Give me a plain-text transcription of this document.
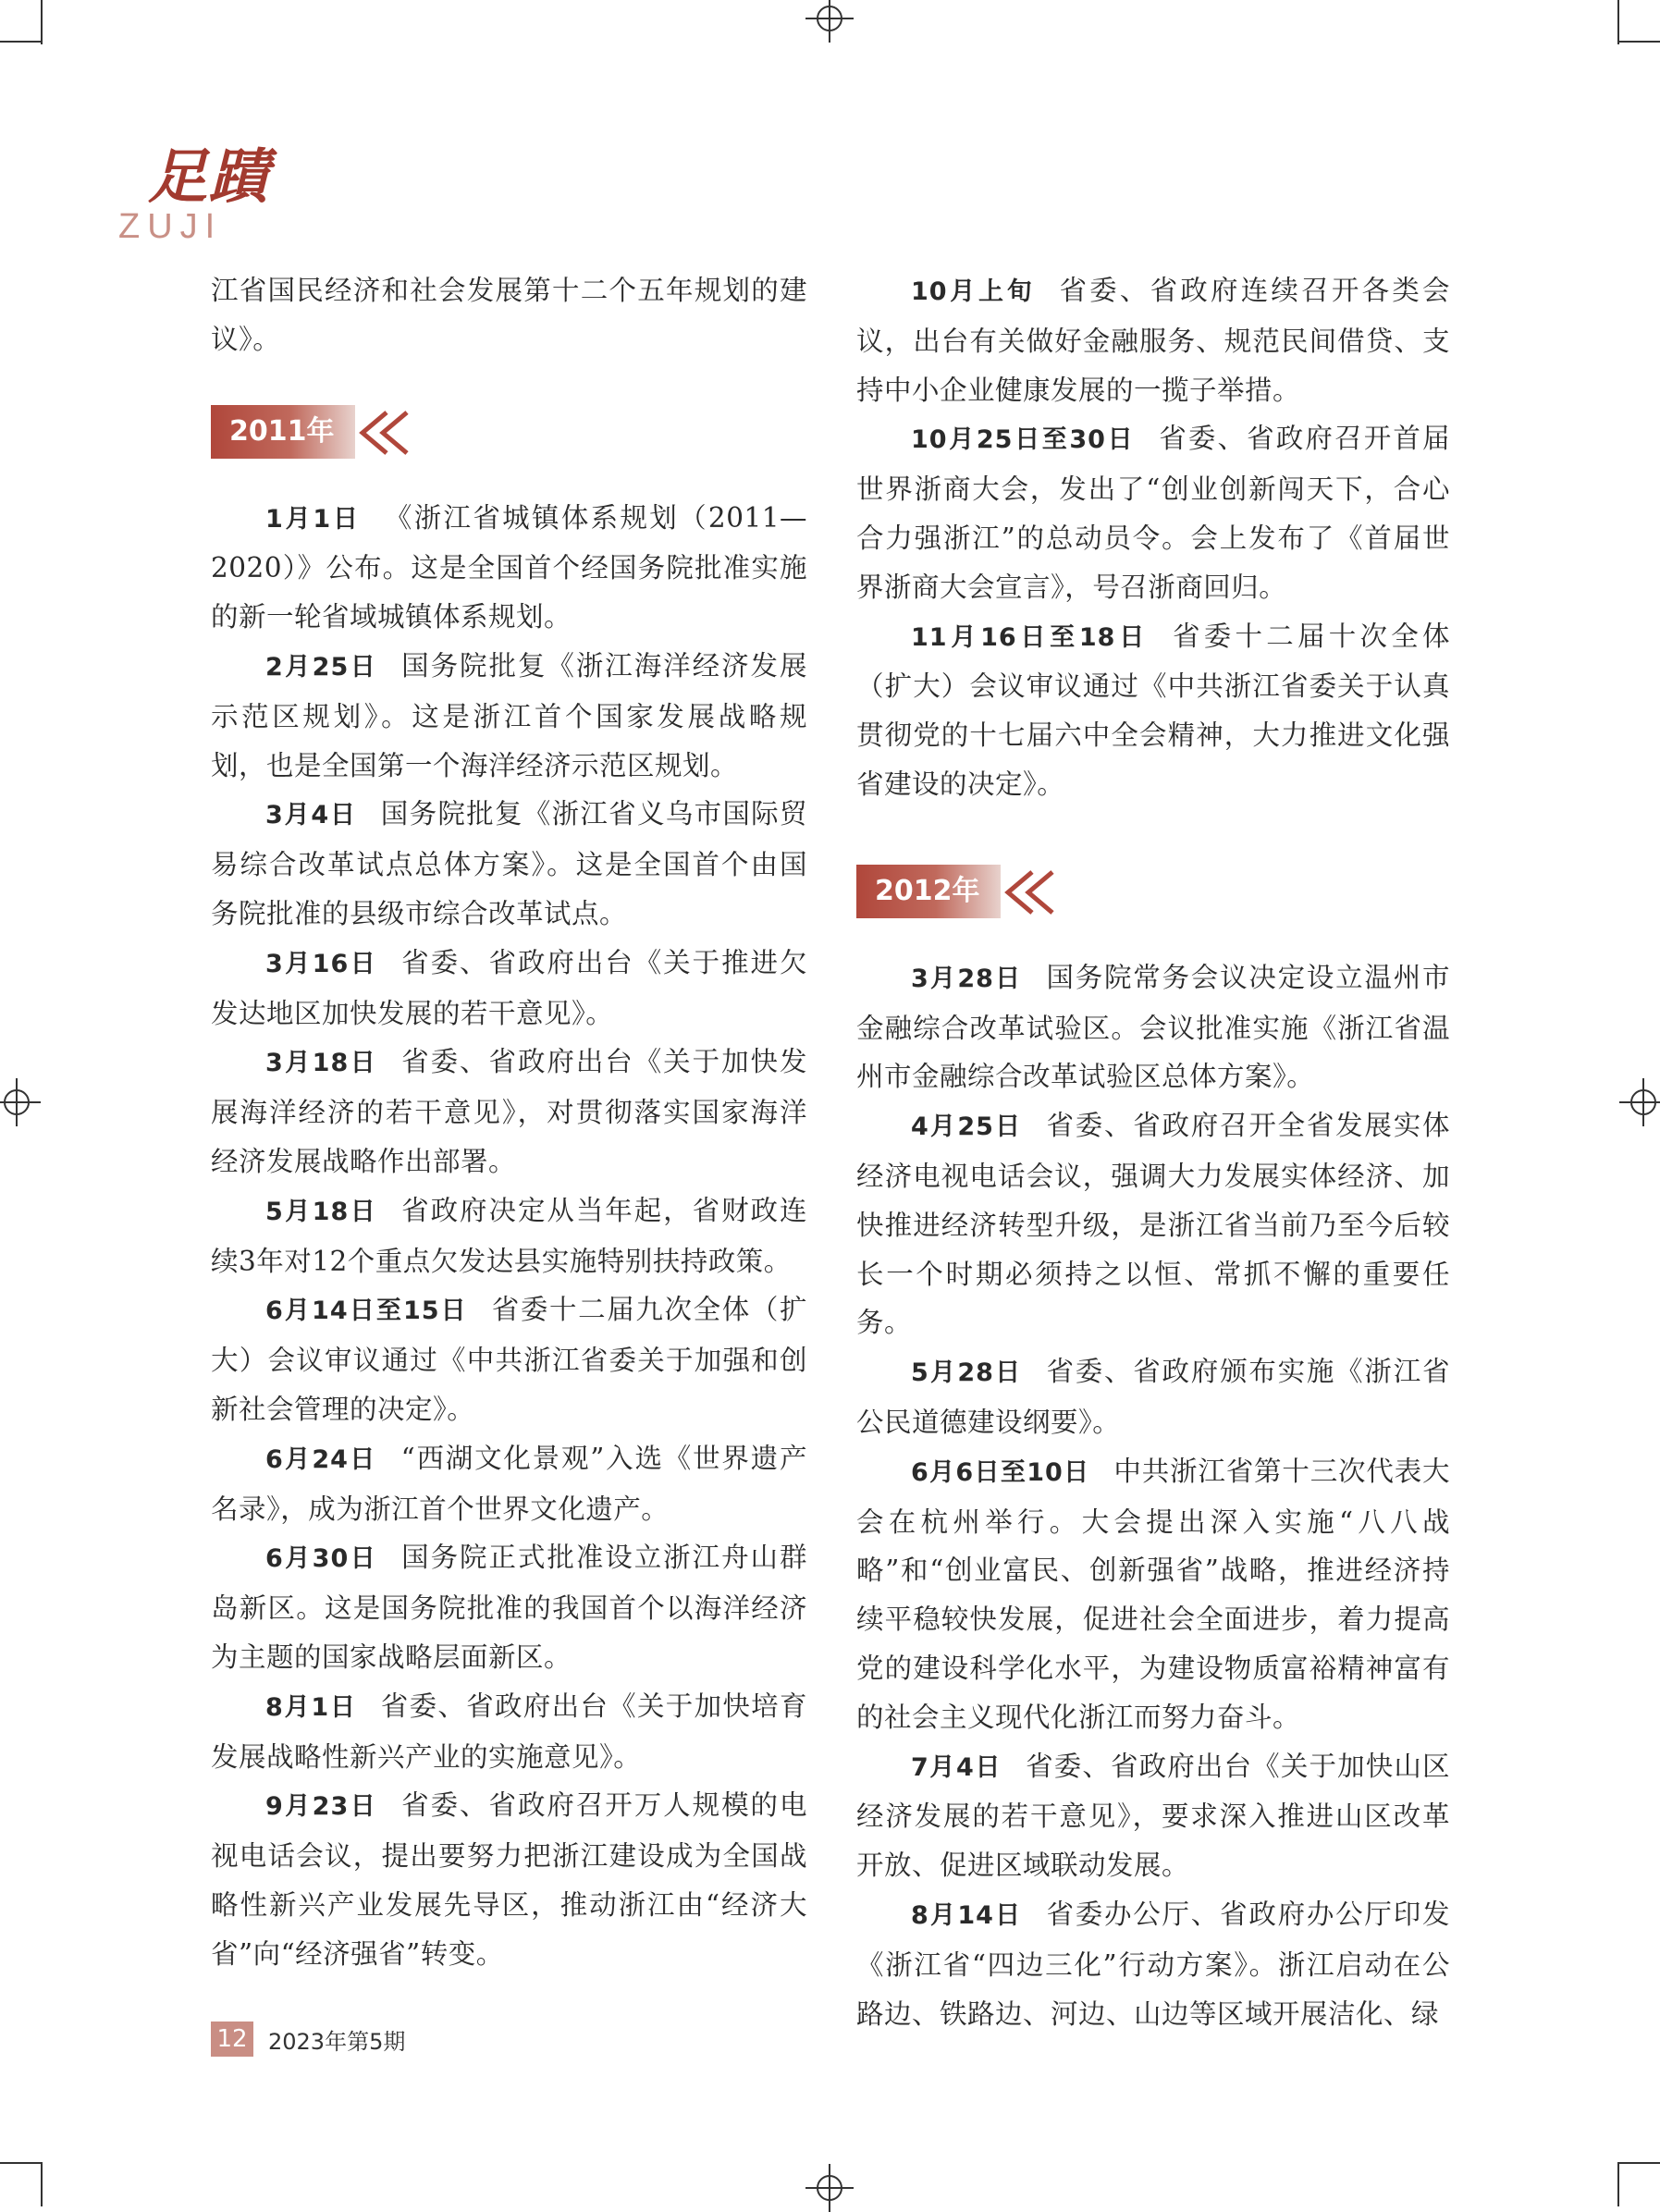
足蹟
ZUJI

江省国民经济和社会发展第十二个五年规划的建议》。

2011年

1月1日 《浙江省城镇体系规划（2011—2020）》公布。这是全国首个经国务院批准实施的新一轮省域城镇体系规划。

2月25日 国务院批复《浙江海洋经济发展示范区规划》。这是浙江首个国家发展战略规划，也是全国第一个海洋经济示范区规划。

3月4日 国务院批复《浙江省义乌市国际贸易综合改革试点总体方案》。这是全国首个由国务院批准的县级市综合改革试点。

3月16日 省委、省政府出台《关于推进欠发达地区加快发展的若干意见》。

3月18日 省委、省政府出台《关于加快发展海洋经济的若干意见》，对贯彻落实国家海洋经济发展战略作出部署。

5月18日 省政府决定从当年起，省财政连续3年对12个重点欠发达县实施特别扶持政策。

6月14日至15日 省委十二届九次全体（扩大）会议审议通过《中共浙江省委关于加强和创新社会管理的决定》。

6月24日 “西湖文化景观”入选《世界遗产名录》，成为浙江首个世界文化遗产。

6月30日 国务院正式批准设立浙江舟山群岛新区。这是国务院批准的我国首个以海洋经济为主题的国家战略层面新区。

8月1日 省委、省政府出台《关于加快培育发展战略性新兴产业的实施意见》。

9月23日 省委、省政府召开万人规模的电视电话会议，提出要努力把浙江建设成为全国战略性新兴产业发展先导区，推动浙江由“经济大省”向“经济强省”转变。

10月上旬 省委、省政府连续召开各类会议，出台有关做好金融服务、规范民间借贷、支持中小企业健康发展的一揽子举措。

10月25日至30日 省委、省政府召开首届世界浙商大会，发出了“创业创新闯天下，合心合力强浙江”的总动员令。会上发布了《首届世界浙商大会宣言》，号召浙商回归。

11月16日至18日 省委十二届十次全体（扩大）会议审议通过《中共浙江省委关于认真贯彻党的十七届六中全会精神，大力推进文化强省建设的决定》。

2012年

3月28日 国务院常务会议决定设立温州市金融综合改革试验区。会议批准实施《浙江省温州市金融综合改革试验区总体方案》。

4月25日 省委、省政府召开全省发展实体经济电视电话会议，强调大力发展实体经济、加快推进经济转型升级，是浙江省当前乃至今后较长一个时期必须持之以恒、常抓不懈的重要任务。

5月28日 省委、省政府颁布实施《浙江省公民道德建设纲要》。

6月6日至10日 中共浙江省第十三次代表大会在杭州举行。大会提出深入实施“八八战略”和“创业富民、创新强省”战略，推进经济持续平稳较快发展，促进社会全面进步，着力提高党的建设科学化水平，为建设物质富裕精神富有的社会主义现代化浙江而努力奋斗。

7月4日 省委、省政府出台《关于加快山区经济发展的若干意见》，要求深入推进山区改革开放、促进区域联动发展。

8月14日 省委办公厅、省政府办公厅印发《浙江省“四边三化”行动方案》。浙江启动在公路边、铁路边、河边、山边等区域开展洁化、绿

12 2023年第5期
